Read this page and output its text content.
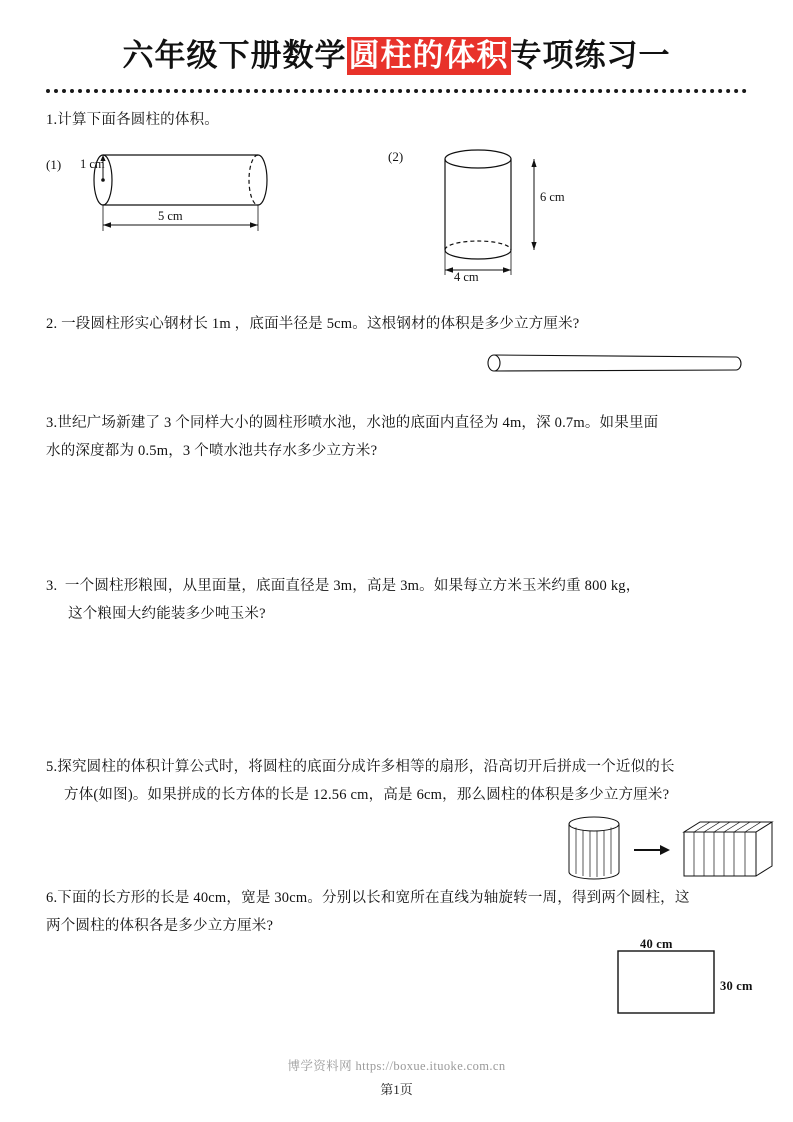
六年级下册数学圆柱的体积专项练习一
1.计算下面各圆柱的体积。
(1) 1 cm
5 cm
(2)
6 cm
4 cm
2. 一段圆柱形实心钢材长 1m ，底面半径是 5cm。这根钢材的体积是多少立方厘米?
3.世纪广场新建了 3 个同样大小的圆柱形喷水池，水池的底面内直径为 4m，深 0.7m。如果里面
水的深度都为 0.5m，3 个喷水池共存水多少立方米?
3.  一个圆柱形粮囤，从里面量，底面直径是 3m，高是 3m。如果每立方米玉米约重 800 kg，
这个粮囤大约能装多少吨玉米?
5.探究圆柱的体积计算公式时，将圆柱的底面分成许多相等的扇形，沿高切开后拼成一个近似的长
方体(如图)。如果拼成的长方体的长是 12.56 cm，高是 6cm，那么圆柱的体积是多少立方厘米?
6.下面的长方形的长是 40cm，宽是 30cm。分别以长和宽所在直线为轴旋转一周，得到两个圆柱，这
两个圆柱的体积各是多少立方厘米?
40 cm
30 cm
博学资料网 https://boxue.ituoke.com.cn
第1页
